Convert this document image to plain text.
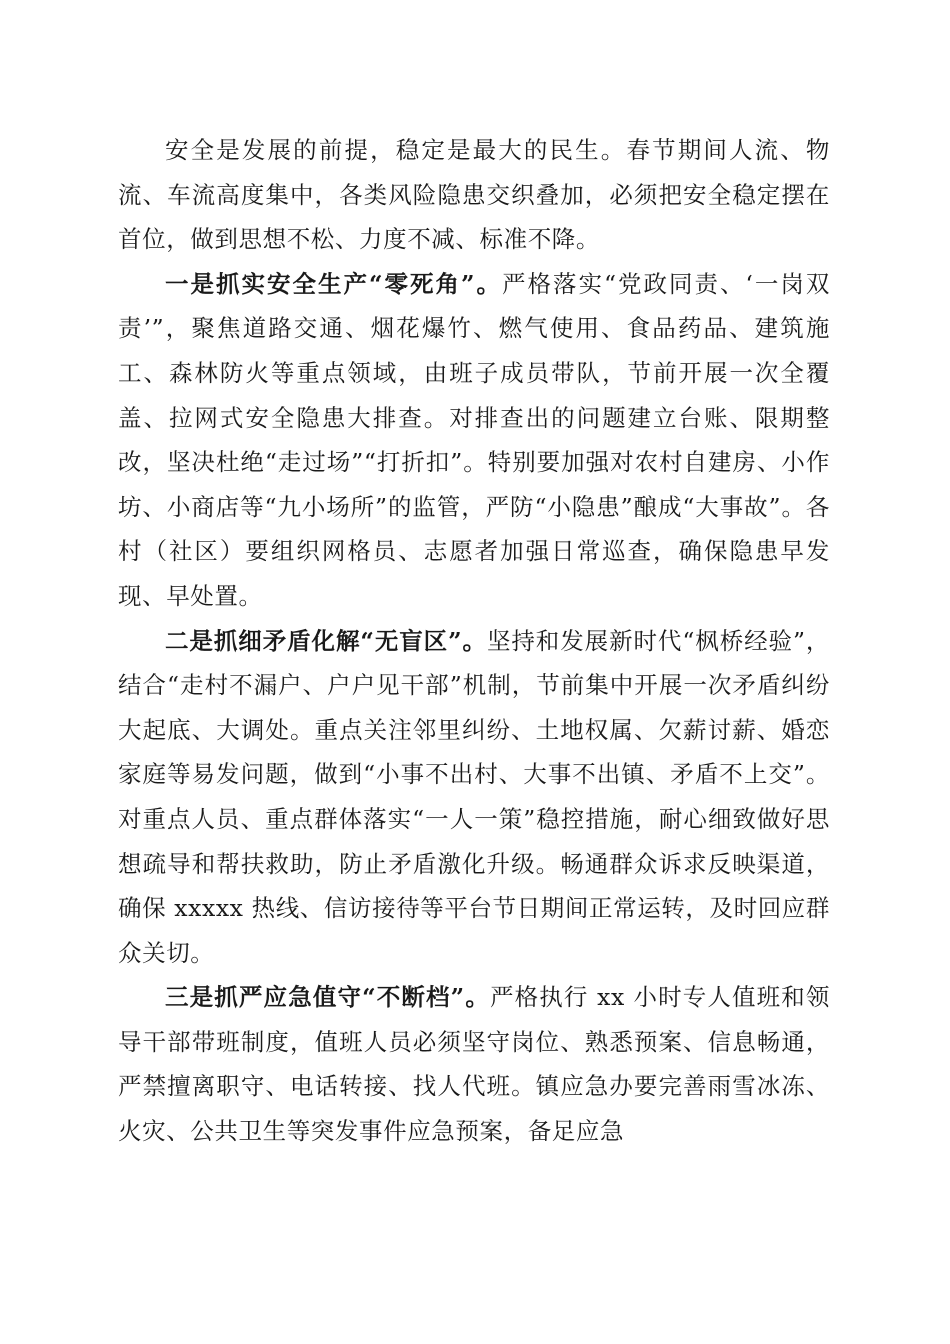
安全是发展的前提，稳定是最大的民生。春节期间人流、物流、车流高度集中，各类风险隐患交织叠加，必须把安全稳定摆在首位，做到思想不松、力度不减、标准不降。

一是抓实安全生产“零死角”。严格落实“党政同责、‘一岗双责’”，聚焦道路交通、烟花爆竹、燃气使用、食品药品、建筑施工、森林防火等重点领域，由班子成员带队，节前开展一次全覆盖、拉网式安全隐患大排查。对排查出的问题建立台账、限期整改，坚决杜绝“走过场”“打折扣”。特别要加强对农村自建房、小作坊、小商店等“九小场所”的监管，严防“小隐患”酿成“大事故”。各村（社区）要组织网格员、志愿者加强日常巡查，确保隐患早发现、早处置。

二是抓细矛盾化解“无盲区”。坚持和发展新时代“枫桥经验”，结合“走村不漏户、户户见干部”机制，节前集中开展一次矛盾纠纷大起底、大调处。重点关注邻里纠纷、土地权属、欠薪讨薪、婚恋家庭等易发问题，做到“小事不出村、大事不出镇、矛盾不上交”。对重点人员、重点群体落实“一人一策”稳控措施，耐心细致做好思想疏导和帮扶救助，防止矛盾激化升级。畅通群众诉求反映渠道，确保 xxxxx 热线、信访接待等平台节日期间正常运转，及时回应群众关切。

三是抓严应急值守“不断档”。严格执行 xx 小时专人值班和领导干部带班制度，值班人员必须坚守岗位、熟悉预案、信息畅通，严禁擅离职守、电话转接、找人代班。镇应急办要完善雨雪冰冻、火灾、公共卫生等突发事件应急预案，备足应急
